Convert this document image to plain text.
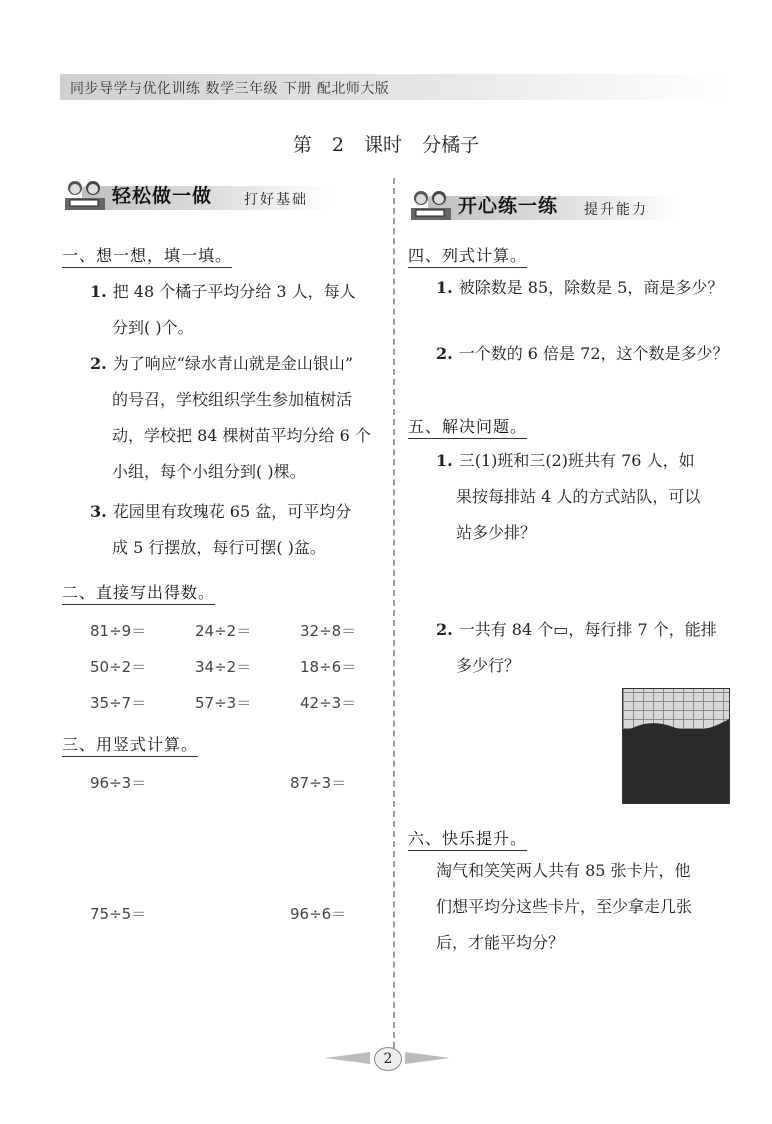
同步导学与优化训练 数学三年级 下册 配北师大版
第 2 课时 分橘子
轻松做一做 打好基础
一、想一想，填一填。
1. 把 48 个橘子平均分给 3 人，每人
分到( )个。
2. 为了响应“绿水青山就是金山银山”
的号召，学校组织学生参加植树活
动，学校把 84 棵树苗平均分给 6 个
小组，每个小组分到( )棵。
3. 花园里有玫瑰花 65 盆，可平均分
成 5 行摆放，每行可摆( )盆。
二、直接写出得数。
81÷9＝	24÷2＝	32÷8＝
50÷2＝	34÷2＝	18÷6＝
35÷7＝	57÷3＝	42÷3＝
三、用竖式计算。
96÷3＝	87÷3＝
75÷5＝	96÷6＝
开心练一练 提升能力
四、列式计算。
1. 被除数是 85，除数是 5，商是多少？
2. 一个数的 6 倍是 72，这个数是多少？
五、解决问题。
1. 三(1)班和三(2)班共有 76 人，如
果按每排站 4 人的方式站队，可以
站多少排？
2. 一共有 84 个▭，每行排 7 个，能排
多少行？
六、快乐提升。
淘气和笑笑两人共有 85 张卡片，他
们想平均分这些卡片，至少拿走几张
后，才能平均分？
2
